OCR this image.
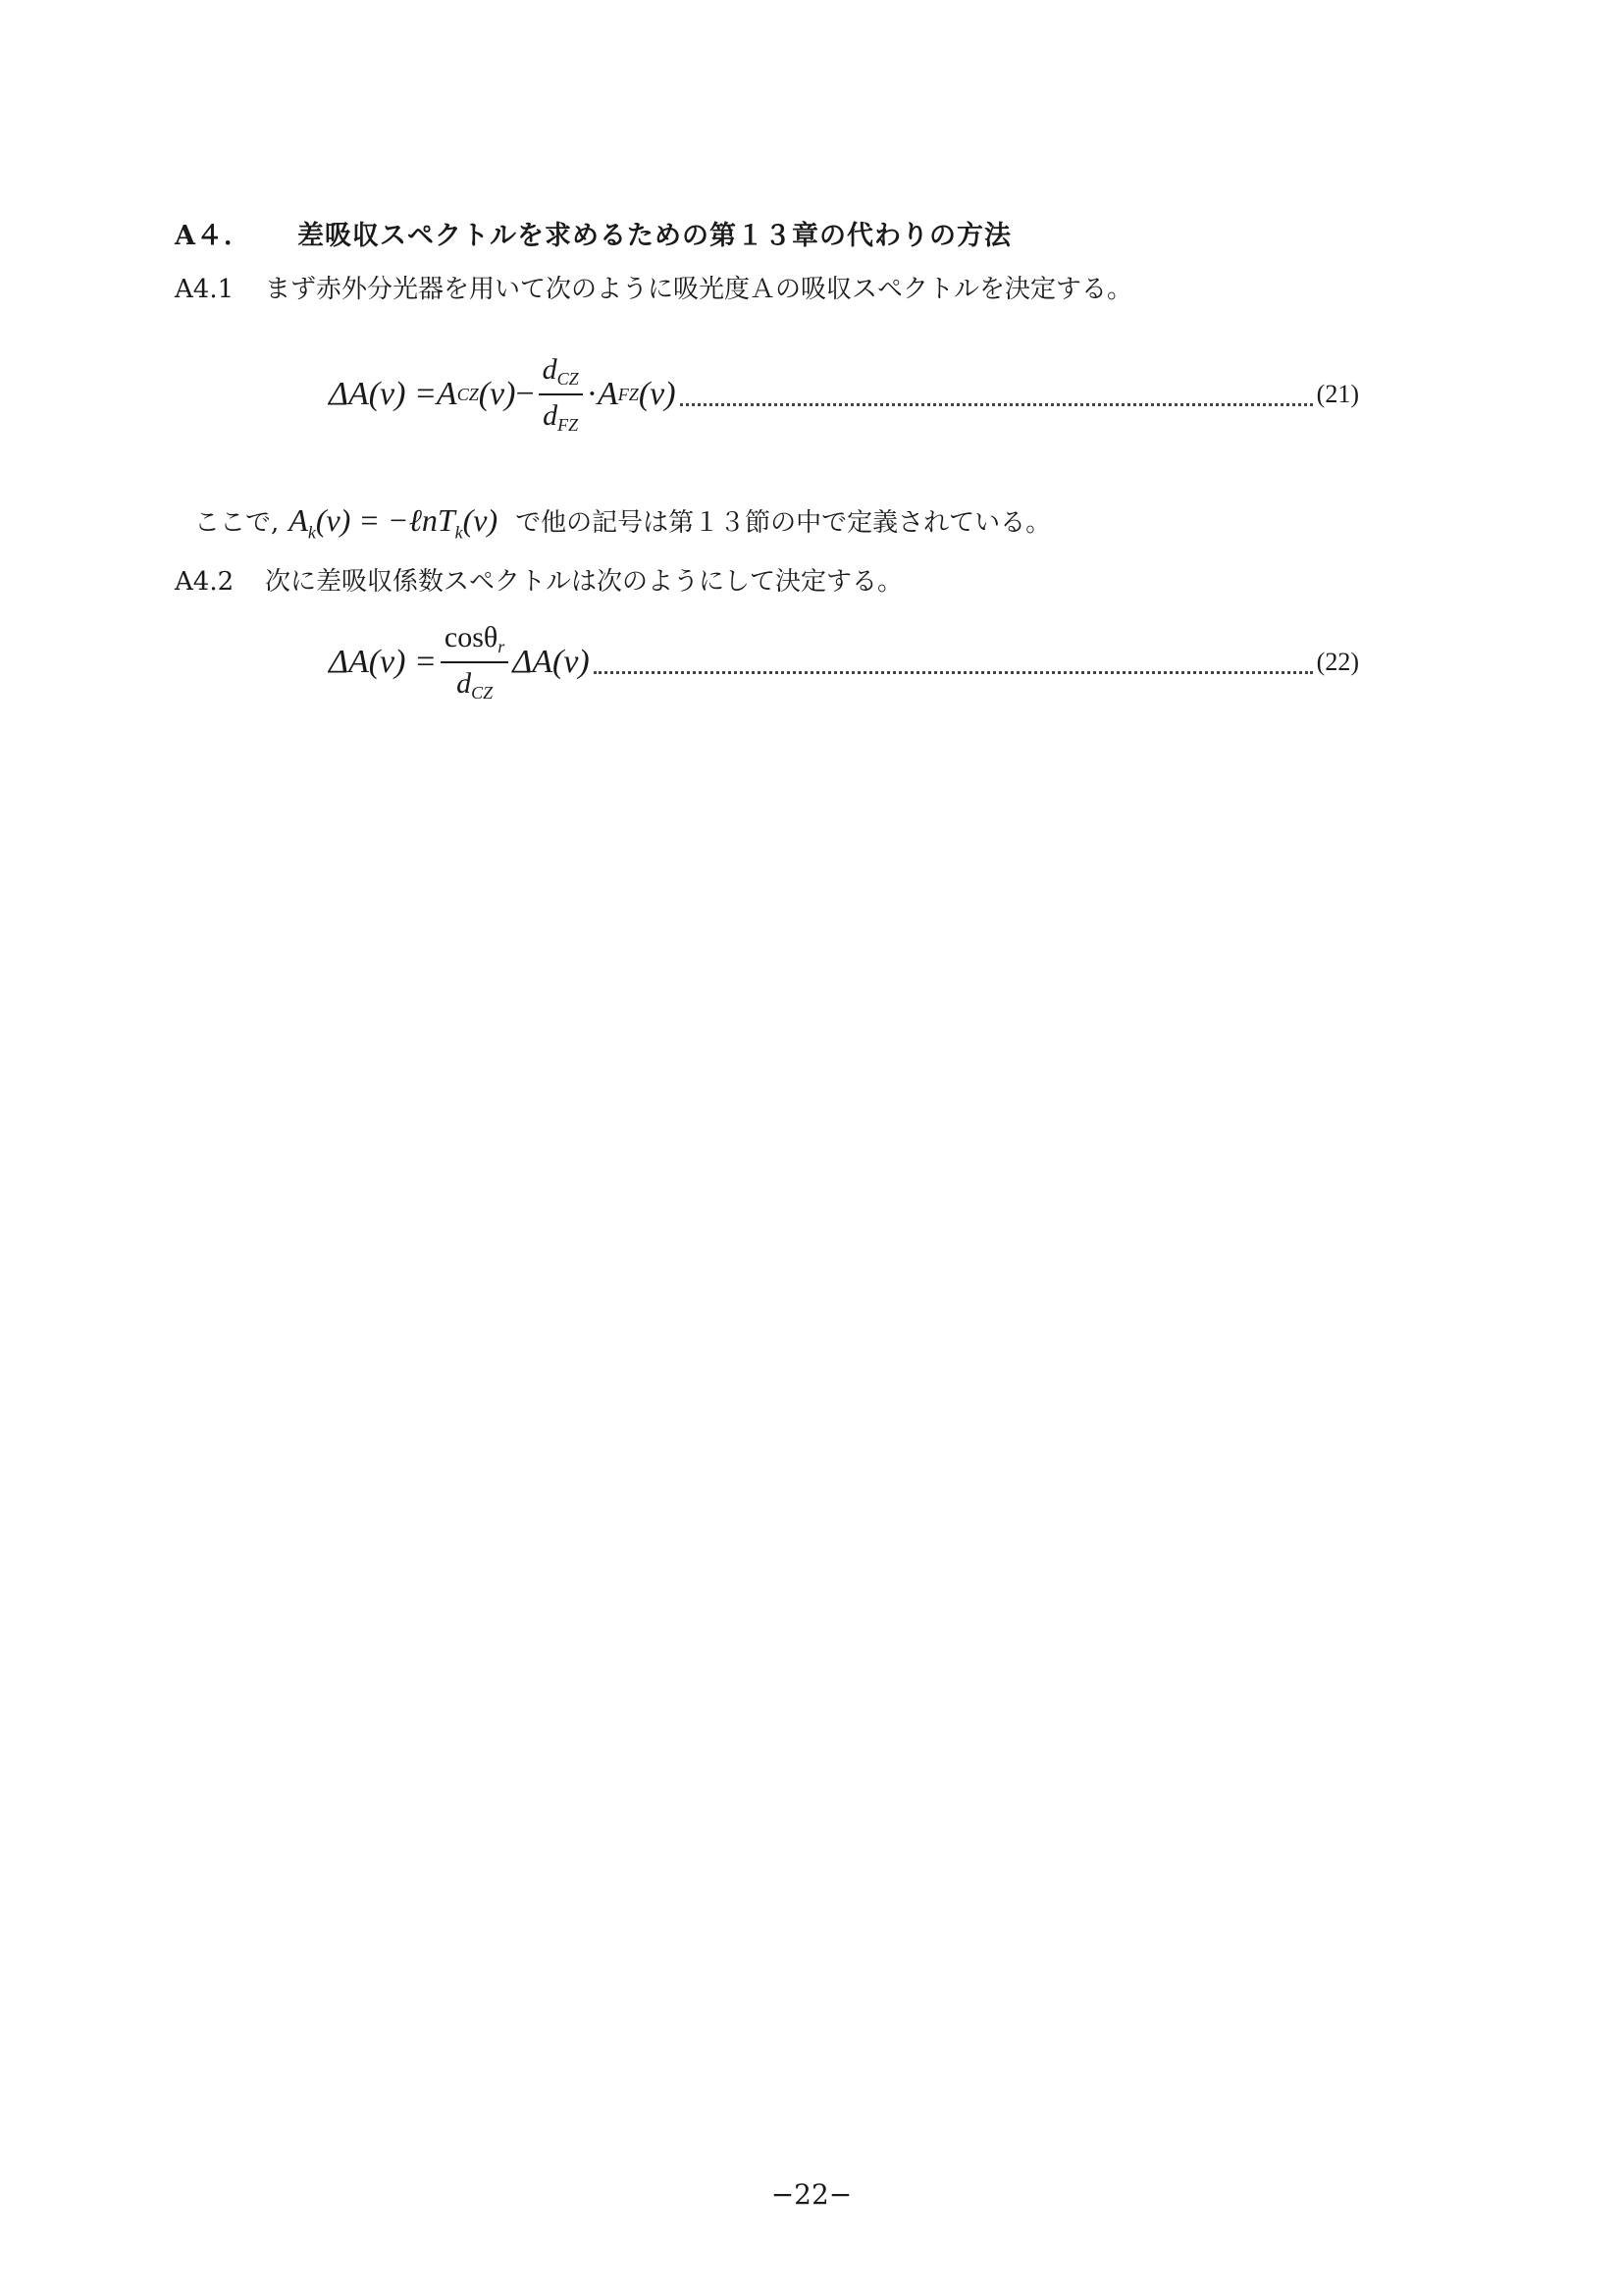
A４． 差吸収スペクトルを求めるための第１３章の代わりの方法
A4.1 まず赤外分光器を用いて次のように吸光度Ａの吸収スペクトルを決定する。
ΔA(v) = A CZ $(v) - \frac{d_{CZ}}{d_{FZ}} \cdot A$ FZ (v)	(21)
ここで, $A_k(v)$ = −ℓnT$_k$(v) で他の記号は第１３節の中で定義されている。
A4.2 次に差吸収係数スペクトルは次のようにして決定する。
$\Delta A(v) = \frac{\cos\theta_r}{d_{CZ}} \Delta A(v)$	(22)
−22−
